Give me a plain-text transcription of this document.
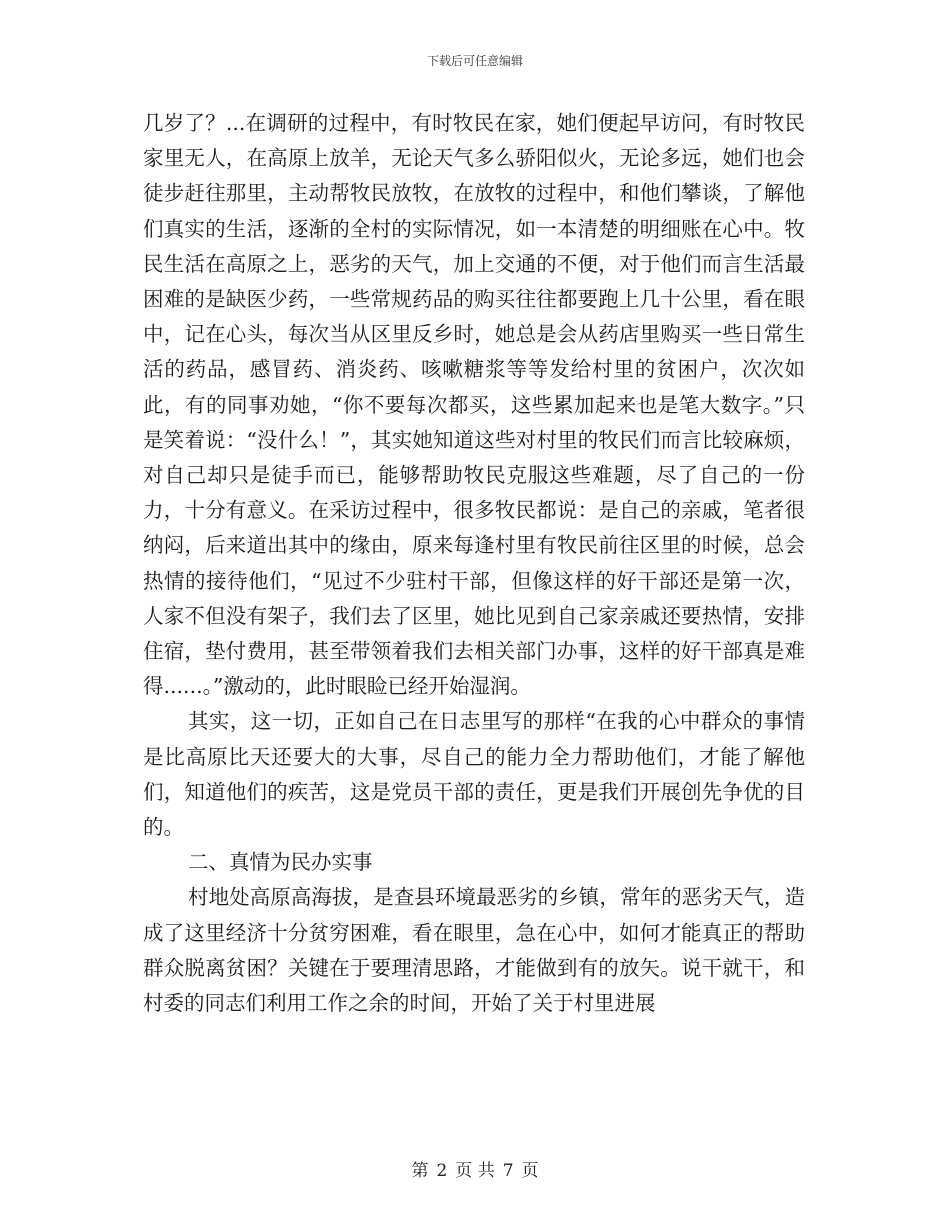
下载后可任意编辑

几岁了？...在调研的过程中，有时牧民在家，她们便起早访问，有时牧民家里无人，在高原上放羊，无论天气多么骄阳似火，无论多远，她们也会徒步赶往那里，主动帮牧民放牧，在放牧的过程中，和他们攀谈，了解他们真实的生活，逐渐的全村的实际情况，如一本清楚的明细账在心中。牧民生活在高原之上，恶劣的天气，加上交通的不便，对于他们而言生活最困难的是缺医少药，一些常规药品的购买往往都要跑上几十公里，看在眼中，记在心头，每次当从区里反乡时，她总是会从药店里购买一些日常生活的药品，感冒药、消炎药、咳嗽糖浆等等发给村里的贫困户，次次如此，有的同事劝她，“你不要每次都买，这些累加起来也是笔大数字。”只是笑着说：“没什么！”，其实她知道这些对村里的牧民们而言比较麻烦，对自己却只是徒手而已，能够帮助牧民克服这些难题，尽了自己的一份力，十分有意义。在采访过程中，很多牧民都说：是自己的亲戚，笔者很纳闷，后来道出其中的缘由，原来每逢村里有牧民前往区里的时候，总会热情的接待他们，“见过不少驻村干部，但像这样的好干部还是第一次，人家不但没有架子，我们去了区里，她比见到自己家亲戚还要热情，安排住宿，垫付费用，甚至带领着我们去相关部门办事，这样的好干部真是难得......。”激动的，此时眼睑已经开始湿润。

其实，这一切，正如自己在日志里写的那样“在我的心中群众的事情是比高原比天还要大的大事，尽自己的能力全力帮助他们，才能了解他们，知道他们的疾苦，这是党员干部的责任，更是我们开展创先争优的目的。

二、真情为民办实事

村地处高原高海拔，是查县环境最恶劣的乡镇，常年的恶劣天气，造成了这里经济十分贫穷困难，看在眼里，急在心中，如何才能真正的帮助群众脱离贫困？关键在于要理清思路，才能做到有的放矢。说干就干，和村委的同志们利用工作之余的时间，开始了关于村里进展

第 2 页 共 7 页
